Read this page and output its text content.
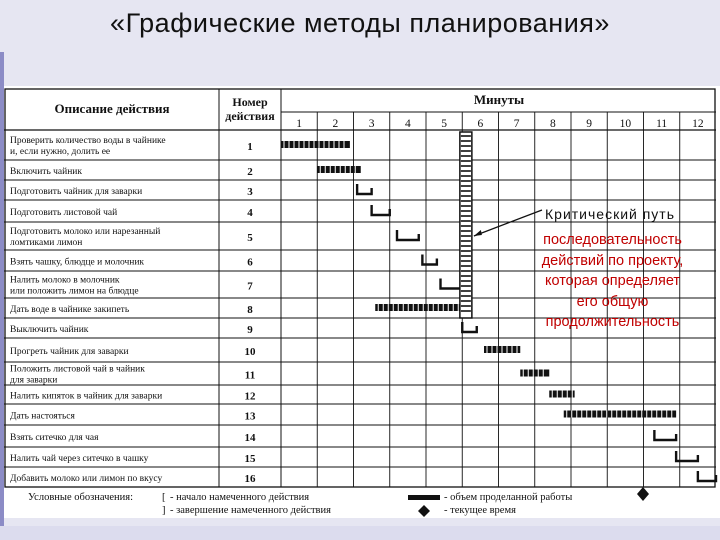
«Графические методы планирования»
Описание действия	Номер
действия
Минуты
1	2	3	4	5	6	7	8	9 10 11 12
Проверить количество воды в чайнике
и, если нужно, долить ее	1
Включить чайник	2
Подготовить чайник для заварки	3
Подготовить листовой чай	4
Подготовить молоко или нарезанный
ломтиками лимон	5
Взять чашку, блюдце и молочник	6
Налить молоко в молочник
или положить лимон на блюдце	7
Дать воде в чайнике закипеть	8
Выключить чайник	9
Прогреть чайник для заварки	10
Положить листовой чай в чайник
для заварки	11
Налить кипяток в чайник для заварки	12
Дать настояться	13
Взять ситечко для чая	14
Налить чай через ситечко в чашку	15
Добавить молоко или лимон по вкусу	16
Критический путь
последовательность
действий по проекту,
которая определяет
его общую
продолжительность
Условные обозначения:	[ - начало намеченного действия
] - завершение намеченного действия
- объем проделанной работы
- текущее время
